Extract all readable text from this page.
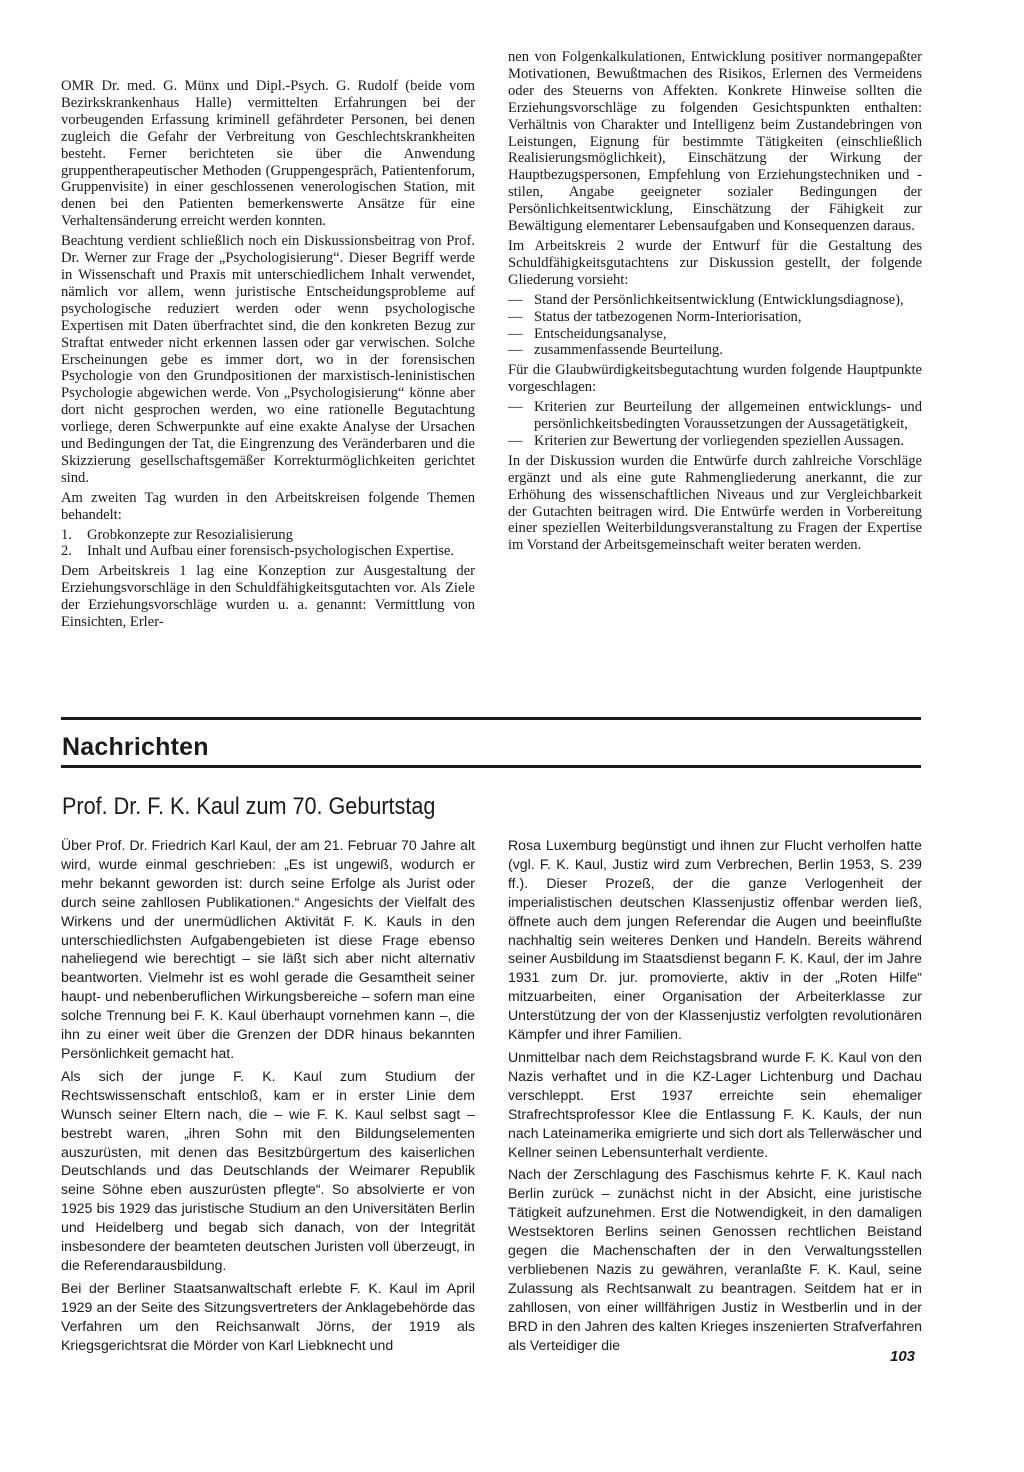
OMR Dr. med. G. Münx und Dipl.-Psych. G. Rudolf (beide vom Bezirkskrankenhaus Halle) vermittelten Erfahrungen bei der vorbeugenden Erfassung kriminell gefährdeter Personen, bei denen zugleich die Gefahr der Verbreitung von Geschlechtskrankheiten besteht. Ferner berichteten sie über die Anwendung gruppentherapeutischer Methoden (Gruppengespräch, Patientenforum, Gruppenvisite) in einer geschlossenen venerologischen Station, mit denen bei den Patienten bemerkenswerte Ansätze für eine Verhaltensänderung erreicht werden konnten.

Beachtung verdient schließlich noch ein Diskussionsbeitrag von Prof. Dr. Werner zur Frage der „Psychologisierung“. Dieser Begriff werde in Wissenschaft und Praxis mit unterschiedlichem Inhalt verwendet, nämlich vor allem, wenn juristische Entscheidungsprobleme auf psychologische reduziert werden oder wenn psychologische Expertisen mit Daten überfrachtet sind, die den konkreten Bezug zur Straftat entweder nicht erkennen lassen oder gar verwischen. Solche Erscheinungen gebe es immer dort, wo in der forensischen Psychologie von den Grundpositionen der marxistisch-leninistischen Psychologie abgewichen werde. Von „Psychologisierung“ könne aber dort nicht gesprochen werden, wo eine rationelle Begutachtung vorliege, deren Schwerpunkte auf eine exakte Analyse der Ursachen und Bedingungen der Tat, die Eingrenzung des Veränderbaren und die Skizzierung gesellschaftsgemäßer Korrekturmöglichkeiten gerichtet sind.

Am zweiten Tag wurden in den Arbeitskreisen folgende Themen behandelt:

1. Grobkonzepte zur Resozialisierung
2. Inhalt und Aufbau einer forensisch-psychologischen Expertise.

Dem Arbeitskreis 1 lag eine Konzeption zur Ausgestaltung der Erziehungsvorschläge in den Schuldfähigkeitsgutachten vor. Als Ziele der Erziehungsvorschläge wurden u. a. genannt: Vermittlung von Einsichten, Erler-

nen von Folgenkalkulationen, Entwicklung positiver normangepaßter Motivationen, Bewußtmachen des Risikos, Erlernen des Vermeidens oder des Steuerns von Affekten. Konkrete Hinweise sollten die Erziehungsvorschläge zu folgenden Gesichtspunkten enthalten: Verhältnis von Charakter und Intelligenz beim Zustandebringen von Leistungen, Eignung für bestimmte Tätigkeiten (einschließlich Realisierungsmöglichkeit), Einschätzung der Wirkung der Hauptbezugspersonen, Empfehlung von Erziehungstechniken und -stilen, Angabe geeigneter sozialer Bedingungen der Persönlichkeitsentwicklung, Einschätzung der Fähigkeit zur Bewältigung elementarer Lebensaufgaben und Konsequenzen daraus.

Im Arbeitskreis 2 wurde der Entwurf für die Gestaltung des Schuldfähigkeitsgutachtens zur Diskussion gestellt, der folgende Gliederung vorsieht:

— Stand der Persönlichkeitsentwicklung (Entwicklungsdiagnose),
— Status der tatbezogenen Norm-Interiorisation,
— Entscheidungsanalyse,
— zusammenfassende Beurteilung.

Für die Glaubwürdigkeitsbegutachtung wurden folgende Hauptpunkte vorgeschlagen:

— Kriterien zur Beurteilung der allgemeinen entwicklungs- und persönlichkeitsbedingten Voraussetzungen der Aussagetätigkeit,
— Kriterien zur Bewertung der vorliegenden speziellen Aussagen.

In der Diskussion wurden die Entwürfe durch zahlreiche Vorschläge ergänzt und als eine gute Rahmengliederung anerkannt, die zur Erhöhung des wissenschaftlichen Niveaus und zur Vergleichbarkeit der Gutachten beitragen wird. Die Entwürfe werden in Vorbereitung einer speziellen Weiterbildungsveranstaltung zu Fragen der Expertise im Vorstand der Arbeitsgemeinschaft weiter beraten werden.

Nachrichten
Prof. Dr. F. K. Kaul zum 70. Geburtstag

Über Prof. Dr. Friedrich Karl Kaul, der am 21. Februar 70 Jahre alt wird, wurde einmal geschrieben: „Es ist ungewiß, wodurch er mehr bekannt geworden ist: durch seine Erfolge als Jurist oder durch seine zahllosen Publikationen.“ Angesichts der Vielfalt des Wirkens und der unermüdlichen Aktivität F. K. Kauls in den unterschiedlichsten Aufgabengebieten ist diese Frage ebenso naheliegend wie berechtigt – sie läßt sich aber nicht alternativ beantworten. Vielmehr ist es wohl gerade die Gesamtheit seiner haupt- und nebenberuflichen Wirkungsbereiche – sofern man eine solche Trennung bei F. K. Kaul überhaupt vornehmen kann –, die ihn zu einer weit über die Grenzen der DDR hinaus bekannten Persönlichkeit gemacht hat.

Als sich der junge F. K. Kaul zum Studium der Rechtswissenschaft entschloß, kam er in erster Linie dem Wunsch seiner Eltern nach, die – wie F. K. Kaul selbst sagt – bestrebt waren, „ihren Sohn mit den Bildungselementen auszurüsten, mit denen das Besitzbürgertum des kaiserlichen Deutschlands und das Deutschlands der Weimarer Republik seine Söhne eben auszurüsten pflegte“. So absolvierte er von 1925 bis 1929 das juristische Studium an den Universitäten Berlin und Heidelberg und begab sich danach, von der Integrität insbesondere der beamteten deutschen Juristen voll überzeugt, in die Referendarausbildung.

Bei der Berliner Staatsanwaltschaft erlebte F. K. Kaul im April 1929 an der Seite des Sitzungsvertreters der Anklagebehörde das Verfahren um den Reichsanwalt Jörns, der 1919 als Kriegsgerichtsrat die Mörder von Karl Liebknecht und

Rosa Luxemburg begünstigt und ihnen zur Flucht verholfen hatte (vgl. F. K. Kaul, Justiz wird zum Verbrechen, Berlin 1953, S. 239 ff.). Dieser Prozeß, der die ganze Verlogenheit der imperialistischen deutschen Klassenjustiz offenbar werden ließ, öffnete auch dem jungen Referendar die Augen und beeinflußte nachhaltig sein weiteres Denken und Handeln. Bereits während seiner Ausbildung im Staatsdienst begann F. K. Kaul, der im Jahre 1931 zum Dr. jur. promovierte, aktiv in der „Roten Hilfe“ mitzuarbeiten, einer Organisation der Arbeiterklasse zur Unterstützung der von der Klassenjustiz verfolgten revolutionären Kämpfer und ihrer Familien.

Unmittelbar nach dem Reichstagsbrand wurde F. K. Kaul von den Nazis verhaftet und in die KZ-Lager Lichtenburg und Dachau verschleppt. Erst 1937 erreichte sein ehemaliger Strafrechtsprofessor Klee die Entlassung F. K. Kauls, der nun nach Lateinamerika emigrierte und sich dort als Tellerwäscher und Kellner seinen Lebensunterhalt verdiente.

Nach der Zerschlagung des Faschismus kehrte F. K. Kaul nach Berlin zurück – zunächst nicht in der Absicht, eine juristische Tätigkeit aufzunehmen. Erst die Notwendigkeit, in den damaligen Westsektoren Berlins seinen Genossen rechtlichen Beistand gegen die Machenschaften der in den Verwaltungsstellen verbliebenen Nazis zu gewähren, veranlaßte F. K. Kaul, seine Zulassung als Rechtsanwalt zu beantragen. Seitdem hat er in zahllosen, von einer willfährigen Justiz in Westberlin und in der BRD in den Jahren des kalten Krieges inszenierten Strafverfahren als Verteidiger die

103
